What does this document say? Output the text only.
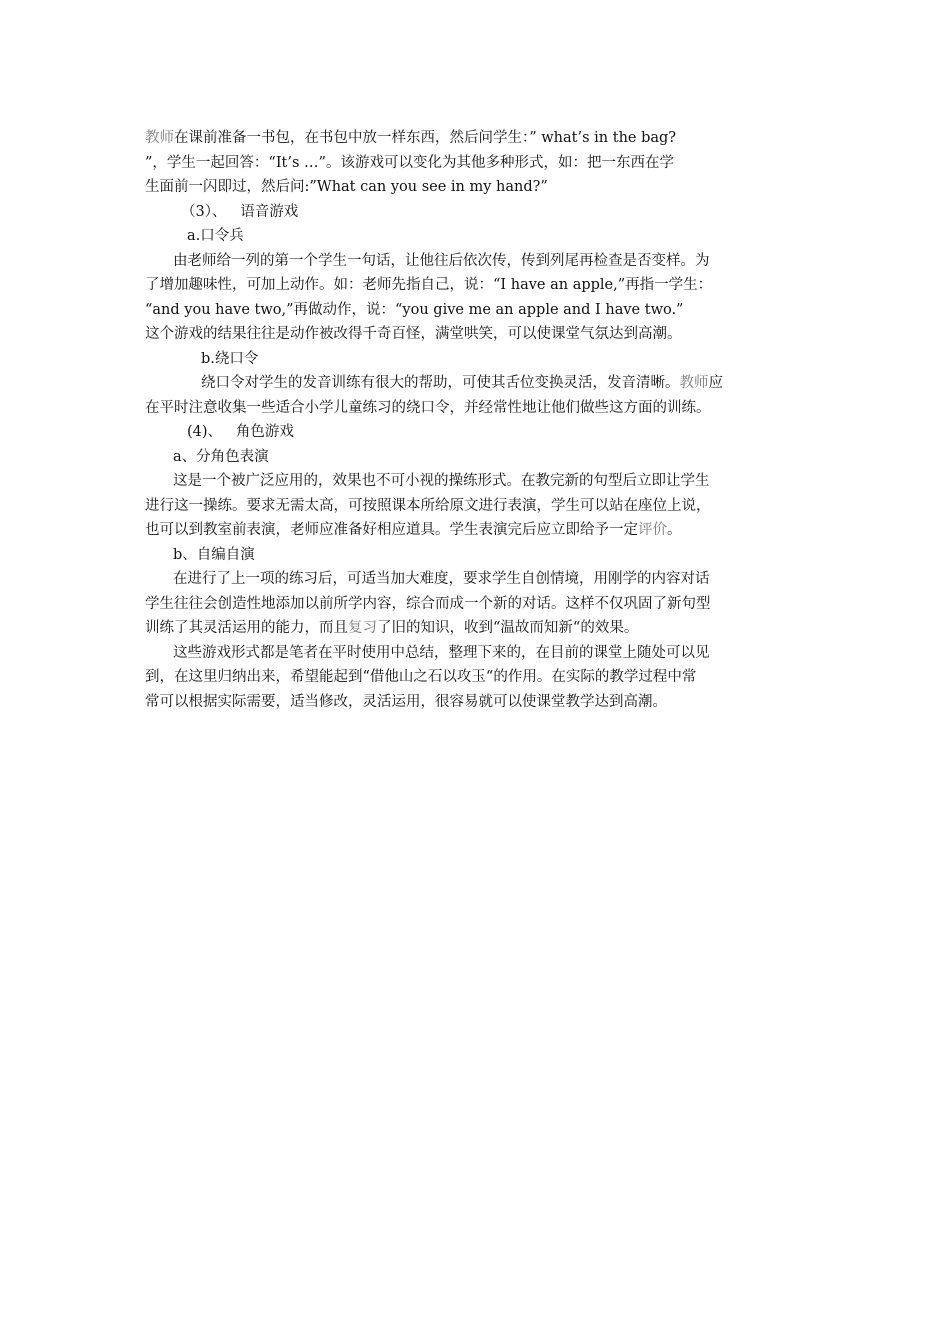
教师在课前准备一书包，在书包中放一样东西，然后问学生：” what’s in the bag?
”，学生一起回答：“It’s …”。该游戏可以变化为其他多种形式，如：把一东西在学
生面前一闪即过，然后问:”What can you see in my hand?”
（3）、   语音游戏
a.口令兵
由老师给一列的第一个学生一句话，让他往后依次传，传到列尾再检查是否变样。为
了增加趣味性，可加上动作。如：老师先指自己，说：“I have an apple,”再指一学生：
“and you have two,”再做动作，说：“you give me an apple and I have two.”
这个游戏的结果往往是动作被改得千奇百怪，满堂哄笑，可以使课堂气氛达到高潮。
b.绕口令
绕口令对学生的发音训练有很大的帮助，可使其舌位变换灵活，发音清晰。教师应
在平时注意收集一些适合小学儿童练习的绕口令，并经常性地让他们做些这方面的训练。
(4)、   角色游戏
a、分角色表演
这是一个被广泛应用的，效果也不可小视的操练形式。在教完新的句型后立即让学生
进行这一操练。要求无需太高，可按照课本所给原文进行表演，学生可以站在座位上说，
也可以到教室前表演，老师应准备好相应道具。学生表演完后应立即给予一定评价。
b、自编自演
在进行了上一项的练习后，可适当加大难度，要求学生自创情境，用刚学的内容对话
学生往往会创造性地添加以前所学内容，综合而成一个新的对话。这样不仅巩固了新句型
训练了其灵活运用的能力，而且复习了旧的知识，收到“温故而知新“的效果。
这些游戏形式都是笔者在平时使用中总结，整理下来的，在目前的课堂上随处可以见
到，在这里归纳出来，希望能起到“借他山之石以攻玉“的作用。在实际的教学过程中常
常可以根据实际需要，适当修改，灵活运用，很容易就可以使课堂教学达到高潮。
